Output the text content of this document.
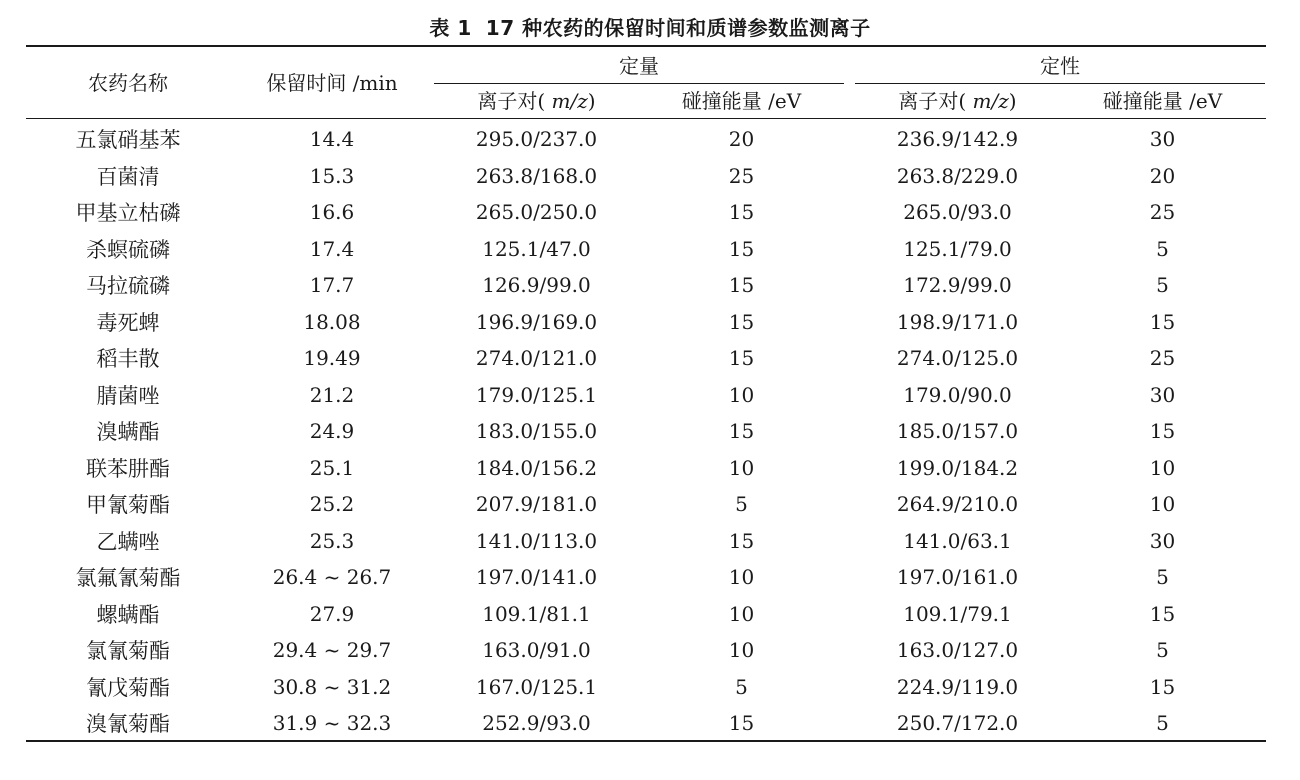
表 1 17 种农药的保留时间和质谱参数监测离子
农药名称	保留时间 /min
定量	定性
离子对( m/z)	碰撞能量 /eV	离子对( m/z)	碰撞能量 /eV
五氯硝基苯	14.4	295.0/237.0	20	236.9/142.9	30
百菌清	15.3	263.8/168.0	25	263.8/229.0	20
甲基立枯磷	16.6	265.0/250.0	15	265.0/93.0	25
杀螟硫磷	17.4	125.1/47.0	15	125.1/79.0	5
马拉硫磷	17.7	126.9/99.0	15	172.9/99.0	5
毒死蜱	18.08	196.9/169.0	15	198.9/171.0	15
稻丰散	19.49	274.0/121.0	15	274.0/125.0	25
腈菌唑	21.2	179.0/125.1	10	179.0/90.0	30
溴螨酯	24.9	183.0/155.0	15	185.0/157.0	15
联苯肼酯	25.1	184.0/156.2	10	199.0/184.2	10
甲氰菊酯	25.2	207.9/181.0	5	264.9/210.0	10
乙螨唑	25.3	141.0/113.0	15	141.0/63.1	30
氯氟氰菊酯	26.4 ~ 26.7	197.0/141.0	10	197.0/161.0	5
螺螨酯	27.9	109.1/81.1	10	109.1/79.1	15
氯氰菊酯	29.4 ~ 29.7	163.0/91.0	10	163.0/127.0	5
氰戊菊酯	30.8 ~ 31.2	167.0/125.1	5	224.9/119.0	15
溴氰菊酯	31.9 ~ 32.3	252.9/93.0	15	250.7/172.0	5
